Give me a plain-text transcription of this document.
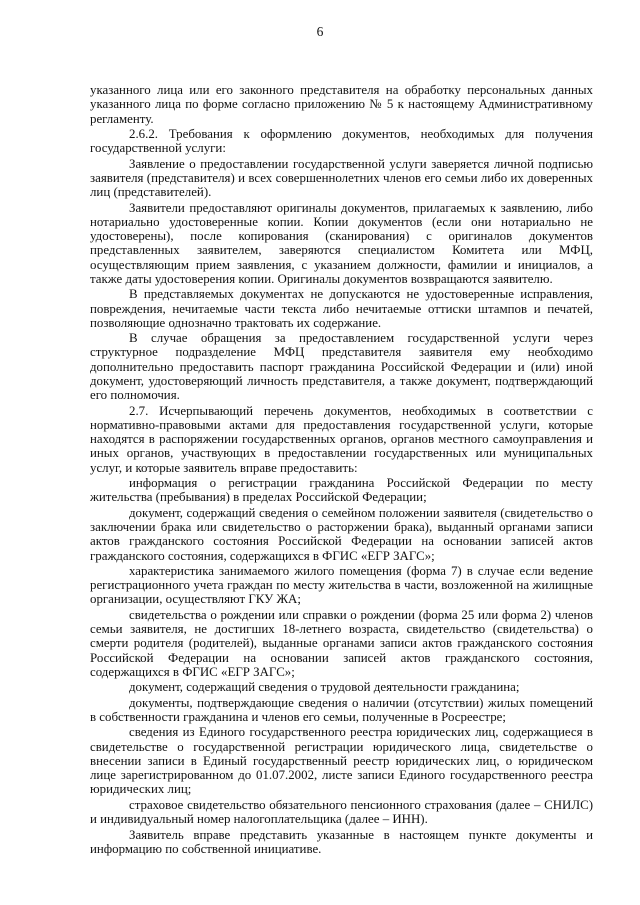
6

указанного лица или его законного представителя на обработку персональных данных указанного лица по форме согласно приложению № 5 к настоящему Административному регламенту.

2.6.2. Требования к оформлению документов, необходимых для получения государственной услуги:

Заявление о предоставлении государственной услуги заверяется личной подписью заявителя (представителя) и всех совершеннолетних членов его семьи либо их доверенных лиц (представителей).

Заявители предоставляют оригиналы документов, прилагаемых к заявлению, либо нотариально удостоверенные копии. Копии документов (если они нотариально не удостоверены), после копирования (сканирования) с оригиналов документов представленных заявителем, заверяются специалистом Комитета или МФЦ, осуществляющим прием заявления, с указанием должности, фамилии и инициалов, а также даты удостоверения копии. Оригиналы документов возвращаются заявителю.

В представляемых документах не допускаются не удостоверенные исправления, повреждения, нечитаемые части текста либо нечитаемые оттиски штампов и печатей, позволяющие однозначно трактовать их содержание.

В случае обращения за предоставлением государственной услуги через структурное подразделение МФЦ представителя заявителя ему необходимо дополнительно предоставить паспорт гражданина Российской Федерации и (или) иной документ, удостоверяющий личность представителя, а также документ, подтверждающий его полномочия.

2.7. Исчерпывающий перечень документов, необходимых в соответствии с нормативно-правовыми актами для предоставления государственной услуги, которые находятся в распоряжении государственных органов, органов местного самоуправления и иных органов, участвующих в предоставлении государственных или муниципальных услуг, и которые заявитель вправе предоставить:

информация о регистрации гражданина Российской Федерации по месту жительства (пребывания) в пределах Российской Федерации;

документ, содержащий сведения о семейном положении заявителя (свидетельство о заключении брака или свидетельство о расторжении брака), выданный органами записи актов гражданского состояния Российской Федерации на основании записей актов гражданского состояния, содержащихся в ФГИС «ЕГР ЗАГС»;

характеристика занимаемого жилого помещения (форма 7) в случае если ведение регистрационного учета граждан по месту жительства в части, возложенной на жилищные организации, осуществляют ГКУ ЖА;

свидетельства о рождении или справки о рождении (форма 25 или форма 2) членов семьи заявителя, не достигших 18-летнего возраста, свидетельство (свидетельства) о смерти родителя (родителей), выданные органами записи актов гражданского состояния Российской Федерации на основании записей актов гражданского состояния, содержащихся в ФГИС «ЕГР ЗАГС»;

документ, содержащий сведения о трудовой деятельности гражданина;

документы, подтверждающие сведения о наличии (отсутствии) жилых помещений в собственности гражданина и членов его семьи, полученные в Росреестре;

сведения из Единого государственного реестра юридических лиц, содержащиеся в свидетельстве о государственной регистрации юридического лица, свидетельстве о внесении записи в Единый государственный реестр юридических лиц, о юридическом лице зарегистрированном до 01.07.2002, листе записи Единого государственного реестра юридических лиц;

страховое свидетельство обязательного пенсионного страхования (далее – СНИЛС) и индивидуальный номер налогоплательщика (далее – ИНН).

Заявитель вправе представить указанные в настоящем пункте документы и информацию по собственной инициативе.
